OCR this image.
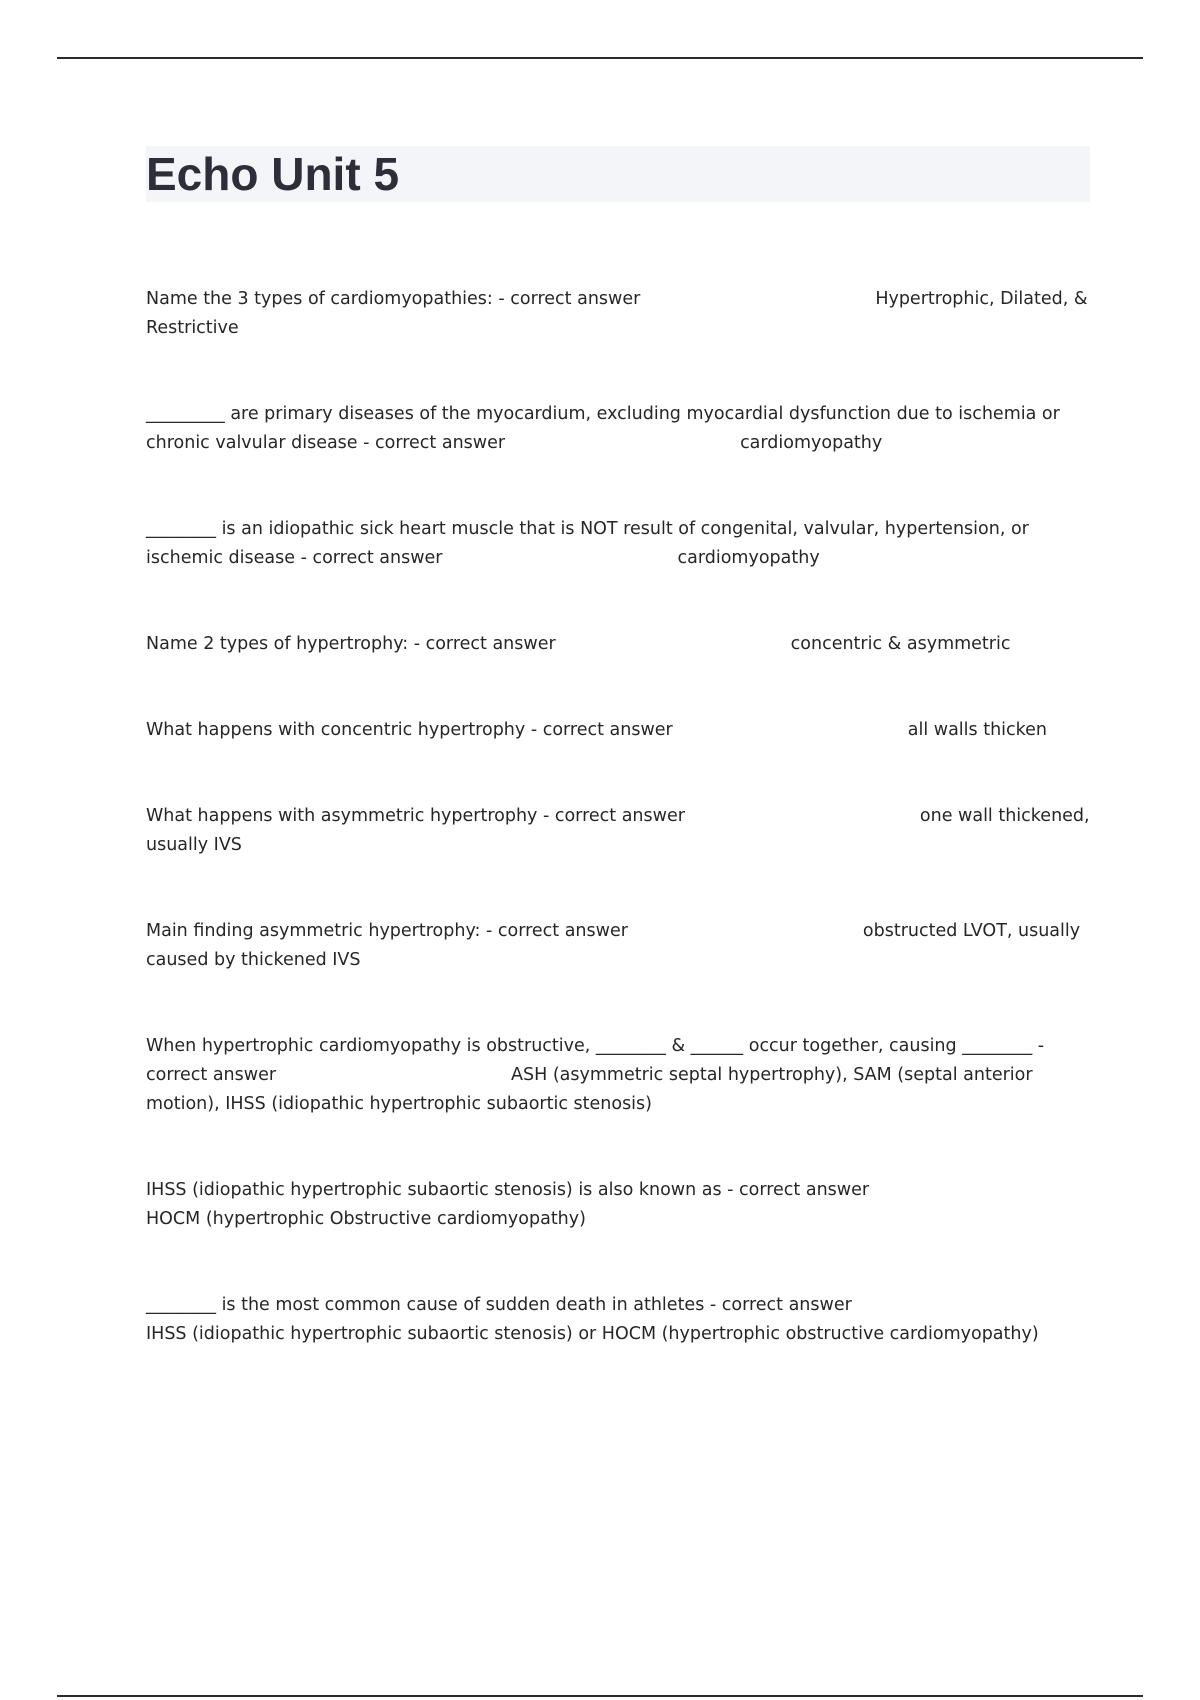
Echo Unit 5

Name the 3 types of cardiomyopathies: - correct answer	Hypertrophic, Dilated, & Restrictive

_________ are primary diseases of the myocardium, excluding myocardial dysfunction due to ischemia or chronic valvular disease - correct answer	cardiomyopathy

________ is an idiopathic sick heart muscle that is NOT result of congenital, valvular, hypertension, or ischemic disease - correct answer	cardiomyopathy

Name 2 types of hypertrophy: - correct answer	concentric & asymmetric

What happens with concentric hypertrophy - correct answer	all walls thicken

What happens with asymmetric hypertrophy - correct answer	one wall thickened, usually IVS

Main finding asymmetric hypertrophy: - correct answer	obstructed LVOT, usually caused by thickened IVS

When hypertrophic cardiomyopathy is obstructive, ________ & ______ occur together, causing ________ - correct answer	ASH (asymmetric septal hypertrophy), SAM (septal anterior motion), IHSS (idiopathic hypertrophic subaortic stenosis)

IHSS (idiopathic hypertrophic subaortic stenosis) is also known as - correct answer
HOCM (hypertrophic Obstructive cardiomyopathy)

________ is the most common cause of sudden death in athletes - correct answer
IHSS (idiopathic hypertrophic subaortic stenosis) or HOCM (hypertrophic obstructive cardiomyopathy)
